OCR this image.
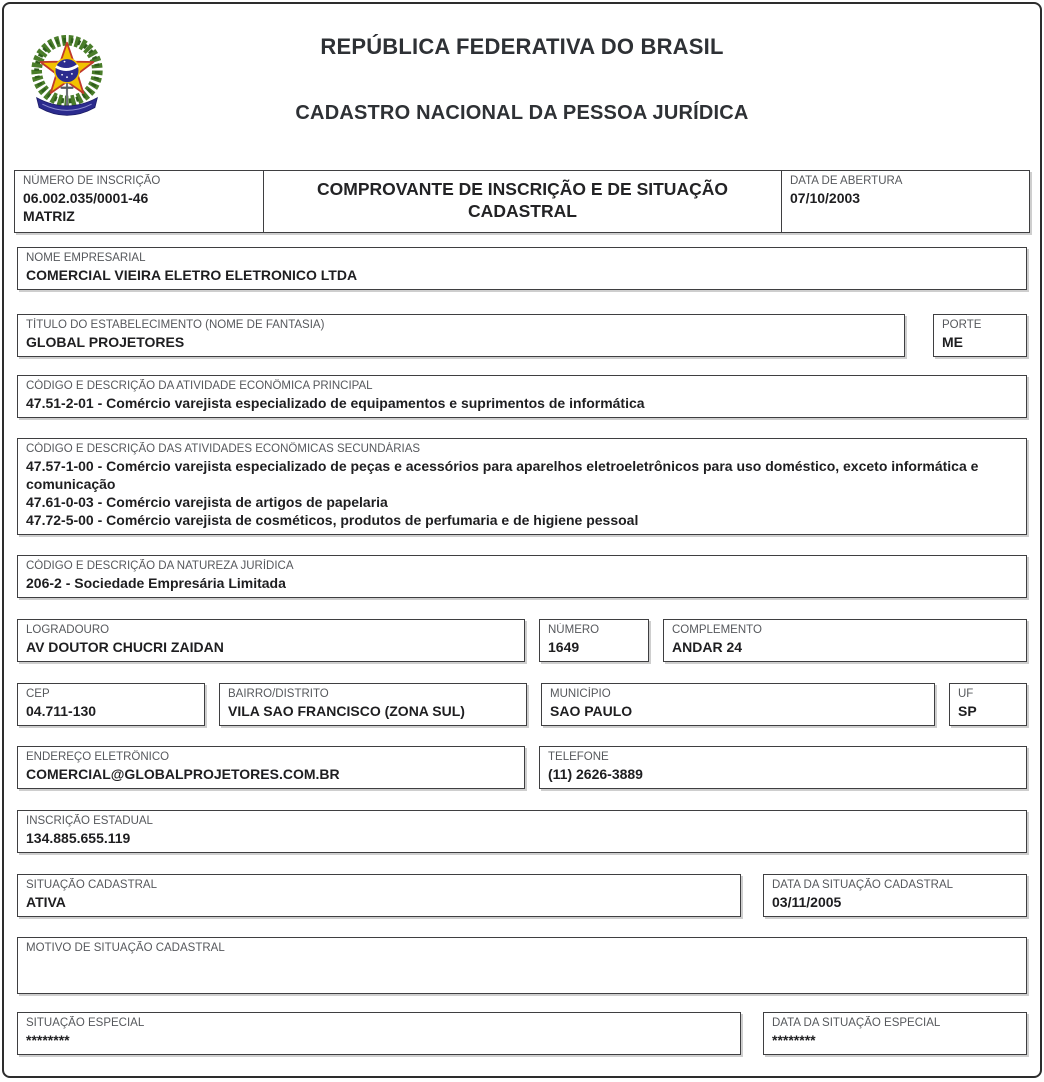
REPÚBLICA FEDERATIVA DO BRASIL
CADASTRO NACIONAL DA PESSOA JURÍDICA
NÚMERO DE INSCRIÇÃO
06.002.035/0001-46
MATRIZ
COMPROVANTE DE INSCRIÇÃO E DE SITUAÇÃO CADASTRAL
DATA DE ABERTURA
07/10/2003
NOME EMPRESARIAL
COMERCIAL VIEIRA ELETRO ELETRONICO LTDA
TÍTULO DO ESTABELECIMENTO (NOME DE FANTASIA)
GLOBAL PROJETORES
PORTE
ME
CÓDIGO E DESCRIÇÃO DA ATIVIDADE ECONÔMICA PRINCIPAL
47.51-2-01 - Comércio varejista especializado de equipamentos e suprimentos de informática
CÓDIGO E DESCRIÇÃO DAS ATIVIDADES ECONÔMICAS SECUNDÁRIAS

47.57-1-00 - Comércio varejista especializado de peças e acessórios para aparelhos eletroeletrônicos para uso doméstico, exceto informática e comunicação

47.61-0-03 - Comércio varejista de artigos de papelaria

47.72-5-00 - Comércio varejista de cosméticos, produtos de perfumaria e de higiene pessoal

CÓDIGO E DESCRIÇÃO DA NATUREZA JURÍDICA
206-2 - Sociedade Empresária Limitada
LOGRADOURO
AV DOUTOR CHUCRI ZAIDAN
NÚMERO
1649
COMPLEMENTO
ANDAR 24
CEP
04.711-130
BAIRRO/DISTRITO
VILA SAO FRANCISCO (ZONA SUL)
MUNICÍPIO
SAO PAULO
UF
SP
ENDEREÇO ELETRÔNICO
COMERCIAL@GLOBALPROJETORES.COM.BR
TELEFONE
(11) 2626-3889
INSCRIÇÃO ESTADUAL
134.885.655.119
SITUAÇÃO CADASTRAL
ATIVA
DATA DA SITUAÇÃO CADASTRAL
03/11/2005
MOTIVO DE SITUAÇÃO CADASTRAL
SITUAÇÃO ESPECIAL
********
DATA DA SITUAÇÃO ESPECIAL
********
